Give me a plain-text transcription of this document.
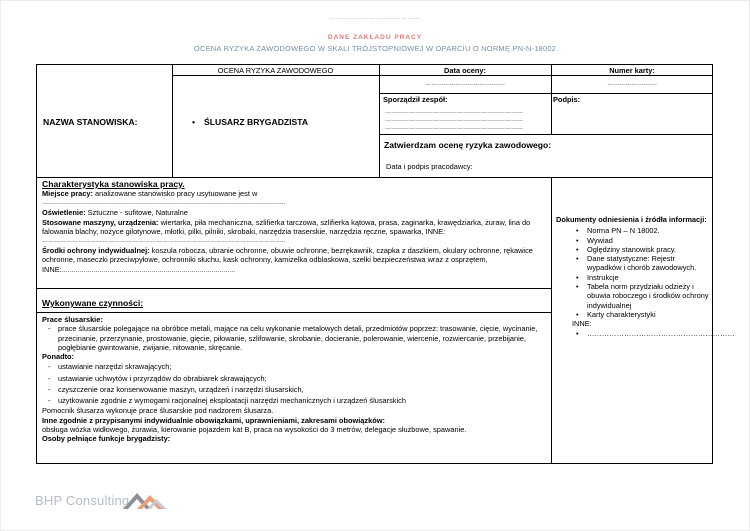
……………………………………
DANE ZAKŁADU PRACY
OCENA RYZYKA ZAWODOWEGO W SKALI TRÓJSTOPNIOWEJ W OPARCIU O NORMĘ PN-N-18002
NAZWA STANOWISKA:
OCENA RYZYKA ZAWODOWEGO
• ŚLUSARZ BRYGADZISTA
Data oceny:
………………………………….
Numer karty:
…………………….
Sporządził zespół:
……………………………………………………………
……………………………………………………………
……………………………………………………………
Podpis:
Zatwierdzam ocenę ryzyka zawodowego:
Data i podpis pracodawcy:
Charakterystyka stanowiska pracy.
Miejsce pracy: analizowane stanowisko pracy usytuowane jest w
…………………………………………………………………………………………………………..
Oświetlenie: Sztuczne - sufitowe, Naturalne
Stosowane maszyny, urządzenia: wiertarka, piła mechaniczna, szlifierka tarczowa, szlifierka kątowa, prasa, zaginarka, krawędziarka, żuraw, lina do falowania blachy, nożyce gilotynowe, młotki, pilki, pilniki, skrobaki, narzędzia traserskie, narzędzia ręczne, spawarka, INNE:
…………………………………………………………………………………………………………..
Środki ochrony indywidualnej: koszula robocza, ubranie ochronne, obuwie ochronne, bezrękawnik, czapka z daszkiem, okulary ochronne, rękawice ochronne, maseczki przeciwpyłowe, ochronniki słuchu, kask ochronny, kamizelka odblaskowa, szelki bezpieczeństwa wraz z osprzętem, INNE:……………………………………………………………………………
Wykonywane czynności:
Prace ślusarskie:
- prace ślusarskie polegające na obróbce metali, mające na celu wykonanie metalowych detali, przedmiotów poprzez: trasowanie, cięcie, wycinanie, przecinanie, przerzynanie, prostowanie, gięcie, piłowanie, szlifowanie, skrobanie, docieranie, polerowanie, wiercenie, rozwiercanie, przebijanie, pogłębianie gwintowanie, zwijanie, nitowanie, skręcanie.
Ponadto:
- ustawianie narzędzi skrawających;
- ustawianie uchwytów i przyrządów do obrabiarek skrawających;
- czyszczenie oraz konserwowanie maszyn, urządzeń i narzędzi ślusarskich,
- użytkowanie zgodnie z wymogami racjonalnej eksploatacji narzędzi mechanicznych i urządzeń ślusarskich
Pomocnik ślusarza wykonuje prace ślusarskie pod nadzorem ślusarza.
Inne zgodnie z przypisanymi indywidualnie obowiązkami, uprawnieniami, zakresami obowiązków:
obsługa wózka widłowego, żurawia, kierowanie pojazdem kat B, praca na wysokości do 3 metrów, delegacje służbowe, spawanie.
Osoby pełniące funkcje brygadzisty:
Dokumenty odniesienia i źródła informacji:
• Norma PN – N 18002.
• Wywiad
• Oględziny stanowisk pracy.
• Dane statystyczne: Rejestr wypadków i chorób zawodowych.
• Instrukcje
• Tabela norm przydziału odzieży i obuwia roboczego i środków ochrony indywidualnej
• Karty charakterystyki
INNE:
• ……………………………………………………
BHP Consulting
